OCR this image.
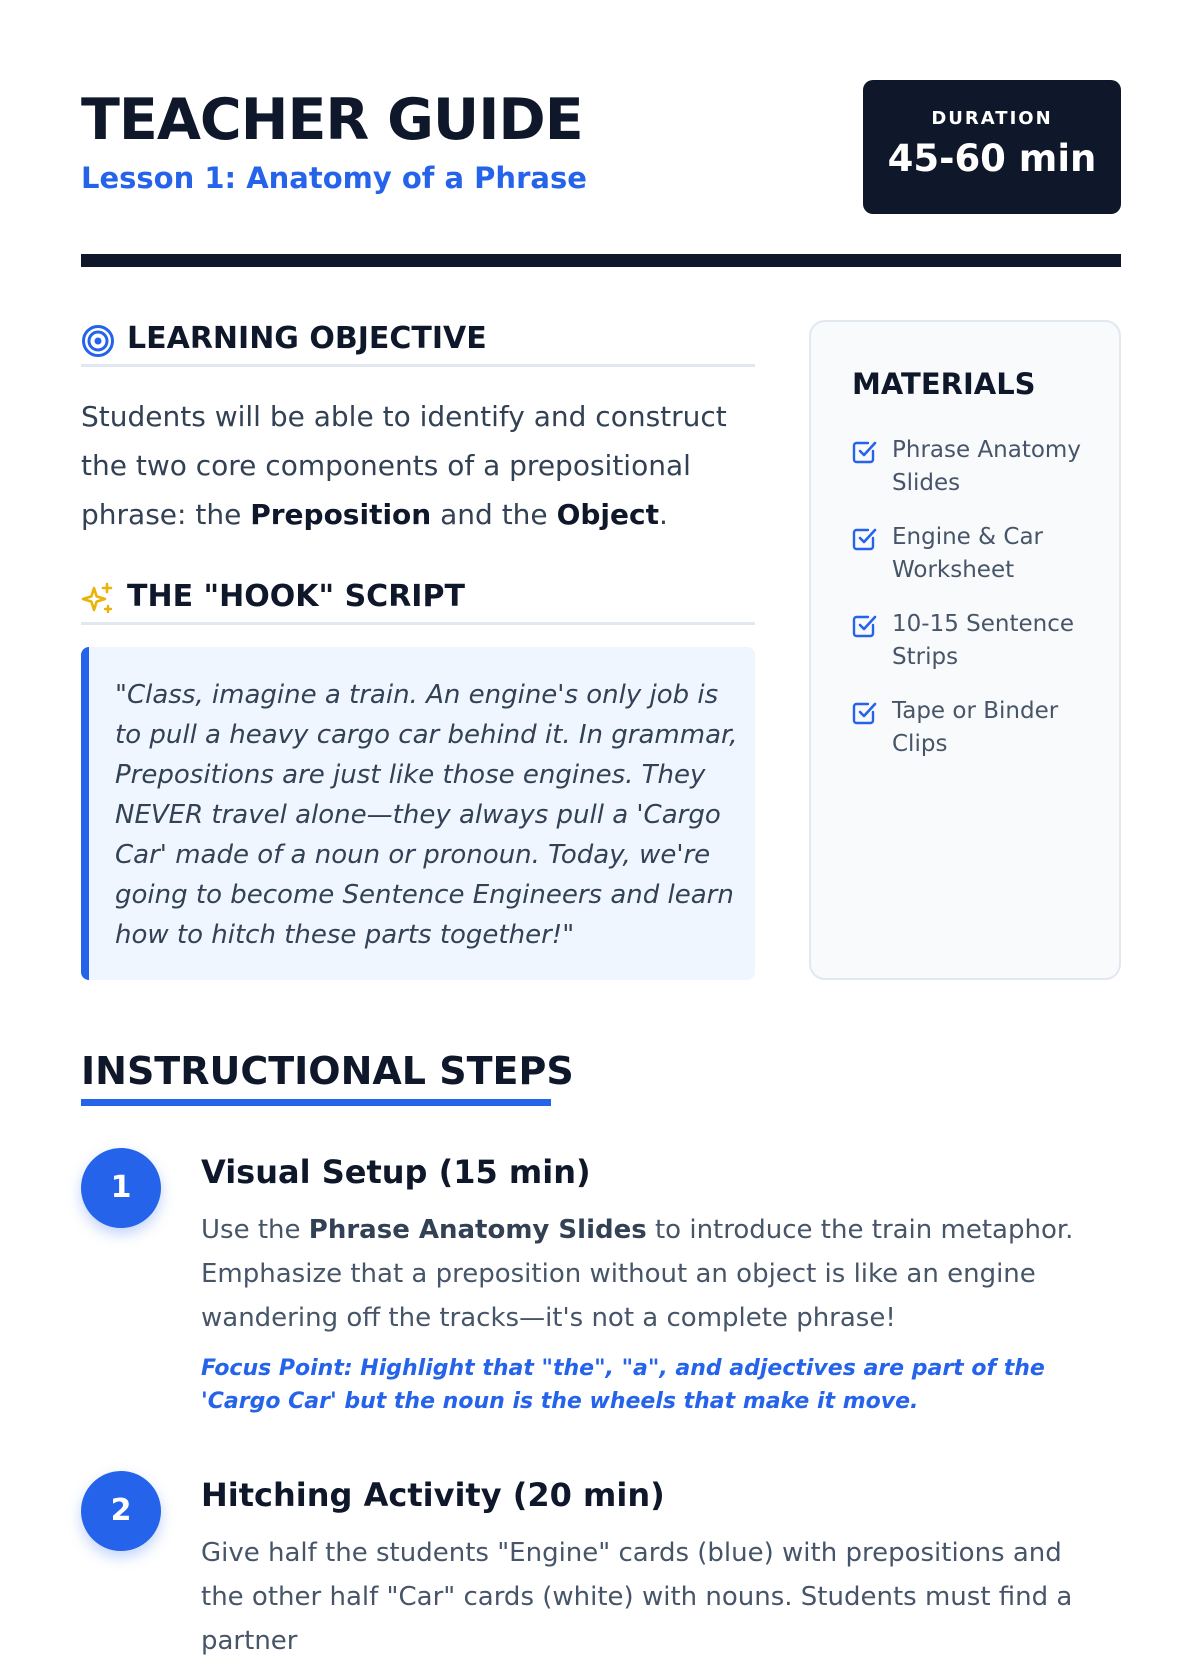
TEACHER GUIDE
Lesson 1: Anatomy of a Phrase
DURATION
45-60 min
LEARNING OBJECTIVE

Students will be able to identify and construct the two core components of a prepositional phrase: the Preposition and the Object.

THE "HOOK" SCRIPT

"Class, imagine a train. An engine's only job is to pull a heavy cargo car behind it. In grammar, Prepositions are just like those engines. They NEVER travel alone—they always pull a 'Cargo Car' made of a noun or pronoun. Today, we're going to become Sentence Engineers and learn how to hitch these parts together!"

MATERIALS
Phrase Anatomy Slides
Engine & Car Worksheet
10-15 Sentence Strips
Tape or Binder Clips
INSTRUCTIONAL STEPS
1	Visual Setup (15 min)

Use the Phrase Anatomy Slides to introduce the train metaphor. Emphasize that a preposition without an object is like an engine wandering off the tracks—it's not a complete phrase!

Focus Point: Highlight that "the", "a", and adjectives are part of the 'Cargo Car' but the noun is the wheels that make it move.

2	Hitching Activity (20 min)

Give half the students "Engine" cards (blue) with prepositions and the other half "Car" cards (white) with nouns. Students must find a partner
